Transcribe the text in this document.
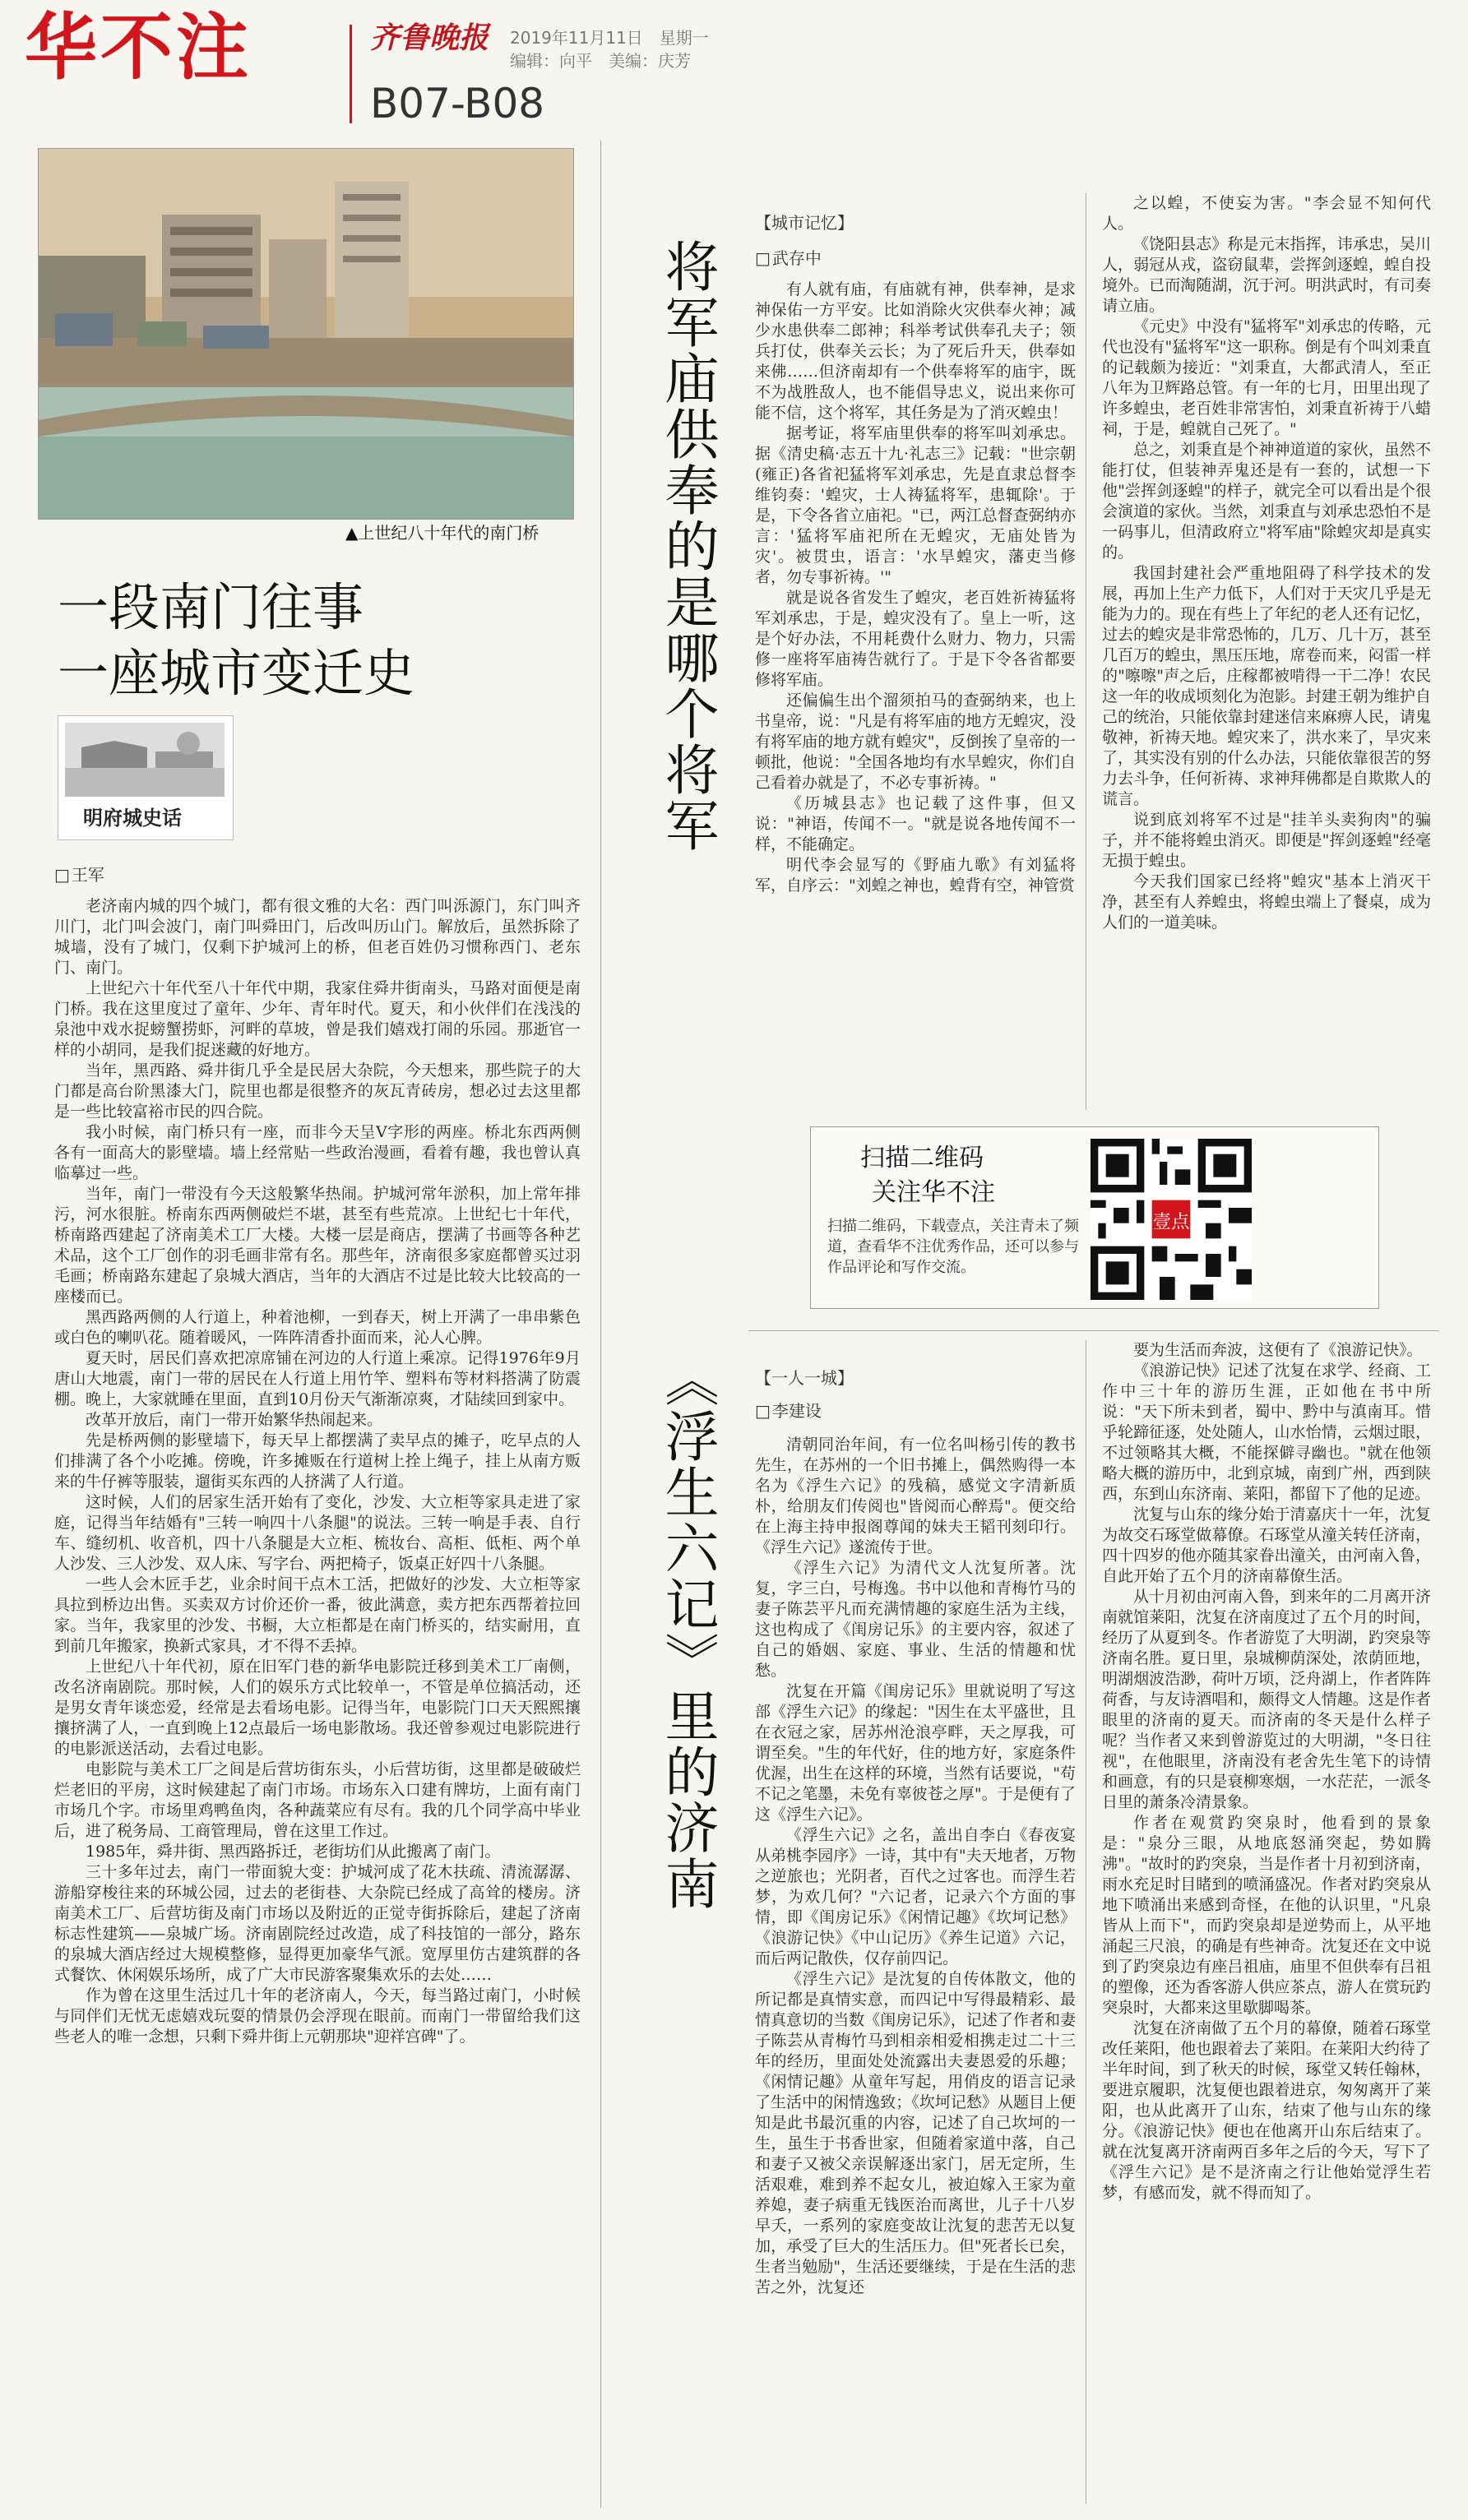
华不注	齐鲁晚报 2019年11月11日　星期一
编辑：向平　美编：庆芳
B07-B08
▲上世纪八十年代的南门桥
一段南门往事
一座城市变迁史
明府城史话
□ 王军

老济南内城的四个城门，都有很文雅的大名：西门叫泺源门，东门叫齐川门，北门叫会波门，南门叫舜田门，后改叫历山门。解放后，虽然拆除了城墙，没有了城门，仅剩下护城河上的桥，但老百姓仍习惯称西门、老东门、南门。

上世纪六十年代至八十年代中期，我家住舜井街南头，马路对面便是南门桥。我在这里度过了童年、少年、青年时代。夏天，和小伙伴们在浅浅的泉池中戏水捉螃蟹捞虾，河畔的草坡，曾是我们嬉戏打闹的乐园。那逝官一样的小胡同，是我们捉迷藏的好地方。

当年，黑西路、舜井街几乎全是民居大杂院，今天想来，那些院子的大门都是高台阶黑漆大门，院里也都是很整齐的灰瓦青砖房，想必过去这里都是一些比较富裕市民的四合院。

我小时候，南门桥只有一座，而非今天呈V字形的两座。桥北东西两侧各有一面高大的影壁墙。墙上经常贴一些政治漫画，看着有趣，我也曾认真临摹过一些。

当年，南门一带没有今天这般繁华热闹。护城河常年淤积，加上常年排污，河水很脏。桥南东西两侧破烂不堪，甚至有些荒凉。上世纪七十年代，桥南路西建起了济南美术工厂大楼。大楼一层是商店，摆满了书画等各种艺术品，这个工厂创作的羽毛画非常有名。那些年，济南很多家庭都曾买过羽毛画；桥南路东建起了泉城大酒店，当年的大酒店不过是比较大比较高的一座楼而已。

黑西路两侧的人行道上，种着池柳，一到春天，树上开满了一串串紫色或白色的喇叭花。随着暖风，一阵阵清香扑面而来，沁人心脾。

夏天时，居民们喜欢把凉席铺在河边的人行道上乘凉。记得1976年9月唐山大地震，南门一带的居民在人行道上用竹竿、塑料布等材料搭满了防震棚。晚上，大家就睡在里面，直到10月份天气渐渐凉爽，才陆续回到家中。

改革开放后，南门一带开始繁华热闹起来。

先是桥两侧的影壁墙下，每天早上都摆满了卖早点的摊子，吃早点的人们排满了各个小吃摊。傍晚，许多摊贩在行道树上拴上绳子，挂上从南方贩来的牛仔裤等服装，遛街买东西的人挤满了人行道。

这时候，人们的居家生活开始有了变化，沙发、大立柜等家具走进了家庭，记得当年结婚有"三转一响四十八条腿"的说法。三转一响是手表、自行车、缝纫机、收音机，四十八条腿是大立柜、梳妆台、高柜、低柜、两个单人沙发、三人沙发、双人床、写字台、两把椅子，饭桌正好四十八条腿。

一些人会木匠手艺，业余时间干点木工活，把做好的沙发、大立柜等家具拉到桥边出售。买卖双方讨价还价一番，彼此满意，卖方把东西帮着拉回家。当年，我家里的沙发、书橱，大立柜都是在南门桥买的，结实耐用，直到前几年搬家，换新式家具，才不得不丢掉。

上世纪八十年代初，原在旧军门巷的新华电影院迁移到美术工厂南侧，改名济南剧院。那时候，人们的娱乐方式比较单一，不管是单位搞活动，还是男女青年谈恋爱，经常是去看场电影。记得当年，电影院门口天天熙熙攘攘挤满了人，一直到晚上12点最后一场电影散场。我还曾参观过电影院进行的电影派送活动，去看过电影。

电影院与美术工厂之间是后营坊街东头，小后营坊街，这里都是破破烂烂老旧的平房，这时候建起了南门市场。市场东入口建有牌坊，上面有南门市场几个字。市场里鸡鸭鱼肉，各种蔬菜应有尽有。我的几个同学高中毕业后，进了税务局、工商管理局，曾在这里工作过。

1985年，舜井街、黑西路拆迁，老街坊们从此搬离了南门。

三十多年过去，南门一带面貌大变：护城河成了花木扶疏、清流潺潺、游船穿梭往来的环城公园，过去的老街巷、大杂院已经成了高耸的楼房。济南美术工厂、后营坊街及南门市场以及附近的正觉寺街拆除后，建起了济南标志性建筑——泉城广场。济南剧院经过改造，成了科技馆的一部分，路东的泉城大酒店经过大规模整修，显得更加豪华气派。宽厚里仿古建筑群的各式餐饮、休闲娱乐场所，成了广大市民游客聚集欢乐的去处……

作为曾在这里生活过几十年的老济南人，今天，每当路过南门，小时候与同伴们无忧无虑嬉戏玩耍的情景仍会浮现在眼前。而南门一带留给我们这些老人的唯一念想，只剩下舜井街上元朝那块"迎祥宫碑"了。

将军庙供奉的是哪个将军
【城市记忆】
□ 武存中

有人就有庙，有庙就有神，供奉神，是求神保佑一方平安。比如消除火灾供奉火神；减少水患供奉二郎神；科举考试供奉孔夫子；领兵打仗，供奉关云长；为了死后升天，供奉如来佛……但济南却有一个供奉将军的庙宇，既不为战胜敌人，也不能倡导忠义，说出来你可能不信，这个将军，其任务是为了消灭蝗虫！

据考证，将军庙里供奉的将军叫刘承忠。据《清史稿·志五十九·礼志三》记载："世宗朝(雍正)各省祀猛将军刘承忠，先是直隶总督李维钧奏：'蝗灾，士人祷猛将军，患辄除'。于是，下令各省立庙祀。"已，两江总督查弼纳亦言：'猛将军庙祀所在无蝗灾，无庙处皆为灾'。被贯虫，语言：'水旱蝗灾，藩吏当修者，勿专事祈祷。'"

就是说各省发生了蝗灾，老百姓祈祷猛将军刘承忠，于是，蝗灾没有了。皇上一听，这是个好办法，不用耗费什么财力、物力，只需修一座将军庙祷告就行了。于是下令各省都要修将军庙。

还偏偏生出个溜须拍马的查弼纳来，也上书皇帝，说："凡是有将军庙的地方无蝗灾，没有将军庙的地方就有蝗灾"，反倒挨了皇帝的一顿批，他说："全国各地均有水旱蝗灾，你们自己看着办就是了，不必专事祈祷。"

《历城县志》也记载了这件事，但又说："神语，传闻不一。"就是说各地传闻不一样，不能确定。

明代李会显写的《野庙九歌》有刘猛将军，自序云："刘蝗之神也，蝗背有空，神管赏

之以蝗，不使妄为害。"李会显不知何代人。

《饶阳县志》称是元末指挥，讳承忠，吴川人，弱冠从戎，盗窃鼠辈，尝挥剑逐蝗，蝗自投境外。已而淘随湖，沉于河。明洪武时，有司奏请立庙。

《元史》中没有"猛将军"刘承忠的传略，元代也没有"猛将军"这一职称。倒是有个叫刘秉直的记载颇为接近："刘秉直，大都武清人，至正八年为卫辉路总管。有一年的七月，田里出现了许多蝗虫，老百姓非常害怕，刘秉直祈祷于八蜡祠，于是，蝗就自己死了。"

总之，刘秉直是个神神道道的家伙，虽然不能打仗，但装神弄鬼还是有一套的，试想一下他"尝挥剑逐蝗"的样子，就完全可以看出是个很会演道的家伙。当然，刘秉直与刘承忠恐怕不是一码事儿，但清政府立"将军庙"除蝗灾却是真实的。

我国封建社会严重地阻碍了科学技术的发展，再加上生产力低下，人们对于天灾几乎是无能为力的。现在有些上了年纪的老人还有记忆，过去的蝗灾是非常恐怖的，几万、几十万，甚至几百万的蝗虫，黑压压地，席卷而来，闷雷一样的"嚓嚓"声之后，庄稼都被啃得一干二净！农民这一年的收成顷刻化为泡影。封建王朝为维护自己的统治，只能依靠封建迷信来麻痹人民，请鬼敬神，祈祷天地。蝗灾来了，洪水来了，旱灾来了，其实没有别的什么办法，只能依靠很苦的努力去斗争，任何祈祷、求神拜佛都是自欺欺人的谎言。

说到底刘将军不过是"挂羊头卖狗肉"的骗子，并不能将蝗虫消灭。即便是"挥剑逐蝗"经毫无损于蝗虫。

今天我们国家已经将"蝗灾"基本上消灭干净，甚至有人养蝗虫，将蝗虫端上了餐桌，成为人们的一道美味。

扫描二维码
关注华不注
扫描二维码，下载壹点，关注青未了频道，查看华不注优秀作品，还可以参与作品评论和写作交流。
壹点
《浮生六记》里的济南	【一人一城】
□ 李建设

清朝同治年间，有一位名叫杨引传的教书先生，在苏州的一个旧书摊上，偶然购得一本名为《浮生六记》的残稿，感觉文字清新质朴，给朋友们传阅也"皆阅而心醉焉"。便交给在上海主持申报阁尊闻的妹夫王韬刊刻印行。《浮生六记》遂流传于世。

《浮生六记》为清代文人沈复所著。沈复，字三白，号梅逸。书中以他和青梅竹马的妻子陈芸平凡而充满情趣的家庭生活为主线，这也构成了《闺房记乐》的主要内容，叙述了自己的婚姻、家庭、事业、生活的情趣和忧愁。

沈复在开篇《闺房记乐》里就说明了写这部《浮生六记》的缘起："因生在太平盛世，且在衣冠之家，居苏州沧浪亭畔，天之厚我，可谓至矣。"生的年代好，住的地方好，家庭条件优渥，出生在这样的环境，当然有话要说，"苟不记之笔墨，未免有辜彼苍之厚"。于是便有了这《浮生六记》。

《浮生六记》之名，盖出自李白《春夜宴从弟桃李园序》一诗，其中有"夫天地者，万物之逆旅也；光阴者，百代之过客也。而浮生若梦，为欢几何？"六记者，记录六个方面的事情，即《闺房记乐》《闲情记趣》《坎坷记愁》《浪游记快》《中山记历》《养生记道》六记，而后两记散佚，仅存前四记。

《浮生六记》是沈复的自传体散文，他的所记都是真情实意，而四记中写得最精彩、最情真意切的当数《闺房记乐》，记述了作者和妻子陈芸从青梅竹马到相亲相爱相携走过二十三年的经历，里面处处流露出夫妻恩爱的乐趣；《闲情记趣》从童年写起，用俏皮的语言记录了生活中的闲情逸致；《坎坷记愁》从题目上便知是此书最沉重的内容，记述了自己坎坷的一生，虽生于书香世家，但随着家道中落，自己和妻子又被父亲误解逐出家门，居无定所，生活艰难，难到养不起女儿，被迫嫁入王家为童养媳，妻子病重无钱医治而离世，儿子十八岁早夭，一系列的家庭变故让沈复的悲苦无以复加，承受了巨大的生活压力。但"死者长已矣，生者当勉励"，生活还要继续，于是在生活的悲苦之外，沈复还

要为生活而奔波，这便有了《浪游记快》。

《浪游记快》记述了沈复在求学、经商、工作中三十年的游历生涯，正如他在书中所说："天下所未到者，蜀中、黔中与滇南耳。惜乎轮蹄征逐，处处随人，山水怡情，云烟过眼，不过领略其大概，不能探僻寻幽也。"就在他领略大概的游历中，北到京城，南到广州，西到陕西，东到山东济南、莱阳，都留下了他的足迹。

沈复与山东的缘分始于清嘉庆十一年，沈复为故交石琢堂做幕僚。石琢堂从潼关转任济南，四十四岁的他亦随其家眷出潼关，由河南入鲁，自此开始了五个月的济南幕僚生活。

从十月初由河南入鲁，到来年的二月离开济南就馆莱阳，沈复在济南度过了五个月的时间，经历了从夏到冬。作者游览了大明湖，趵突泉等济南名胜。夏日里，泉城柳荫深处，浓荫匝地，明湖烟波浩渺，荷叶万顷，泛舟湖上，作者阵阵荷香，与友诗酒唱和，颇得文人情趣。这是作者眼里的济南的夏天。而济南的冬天是什么样子呢？当作者又来到曾游览过的大明湖，"冬日往视"，在他眼里，济南没有老舍先生笔下的诗情和画意，有的只是衰柳寒烟，一水茫茫，一派冬日里的萧条冷清景象。

作者在观赏趵突泉时，他看到的景象是："泉分三眼，从地底怒涌突起，势如腾沸"。"故时的趵突泉，当是作者十月初到济南，雨水充足时目睹到的喷涌盛况。作者对趵突泉从地下喷涌出来感到奇怪，在他的认识里，"凡泉皆从上而下"，而趵突泉却是逆势而上，从平地涌起三尺浪，的确是有些神奇。沈复还在文中说到了趵突泉边有座吕祖庙，庙里不但供奉有吕祖的塑像，还为香客游人供应茶点，游人在赏玩趵突泉时，大都来这里歇脚喝茶。

沈复在济南做了五个月的幕僚，随着石琢堂改任莱阳，他也跟着去了莱阳。在莱阳大约待了半年时间，到了秋天的时候，琢堂又转任翰林，要进京履职，沈复便也跟着进京，匆匆离开了莱阳，也从此离开了山东，结束了他与山东的缘分。《浪游记快》便也在他离开山东后结束了。就在沈复离开济南两百多年之后的今天，写下了《浮生六记》是不是济南之行让他始觉浮生若梦，有感而发，就不得而知了。
